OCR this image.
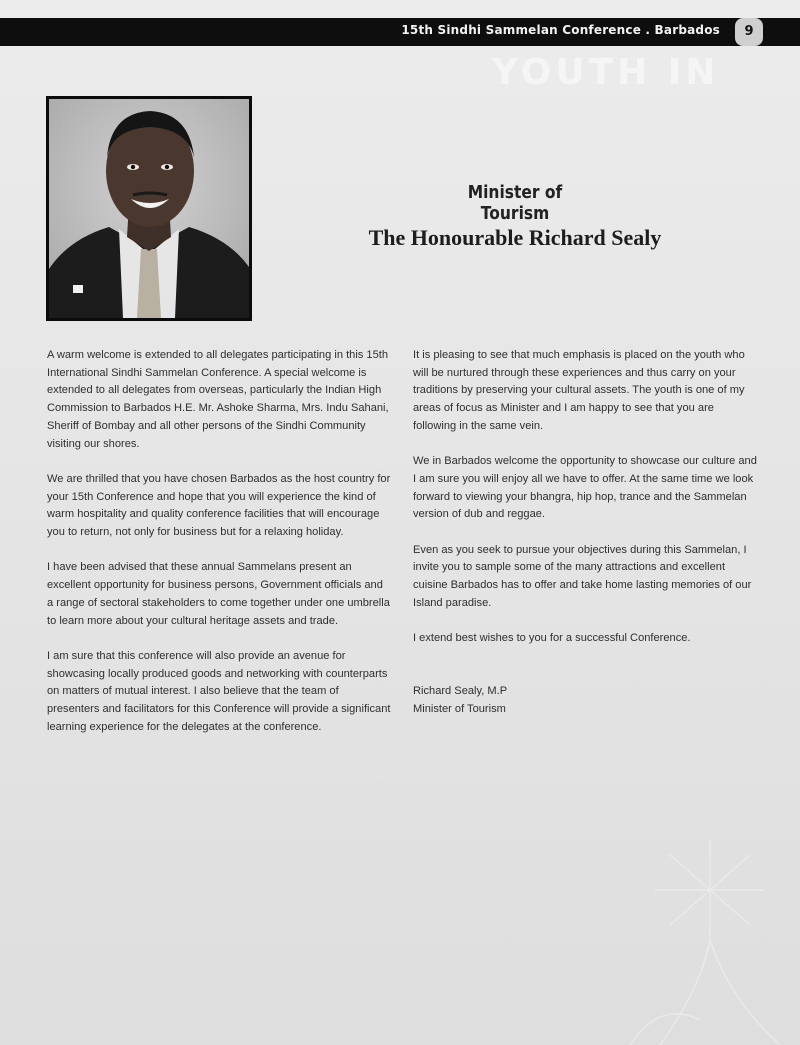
YOUTH IN
15th Sindhi Sammelan Conference . Barbados	9
Minister of Tourism
The Honourable Richard Sealy

A warm welcome is extended to all delegates participating in this 15th International Sindhi Sammelan Conference. A special welcome is extended to all delegates from overseas, particularly the Indian High Commission to Barbados H.E. Mr. Ashoke Sharma, Mrs. Indu Sahani, Sheriff of Bombay and all other persons of the Sindhi Community visiting our shores.

We are thrilled that you have chosen Barbados as the host country for your 15th Conference and hope that you will experience the kind of warm hospitality and quality conference facilities that will encourage you to return, not only for business but for a relaxing holiday.

I have been advised that these annual Sammelans present an excellent opportunity for business persons, Government officials and a range of sectoral stakeholders to come together under one umbrella to learn more about your cultural heritage assets and trade.

I am sure that this conference will also provide an avenue for showcasing locally produced goods and networking with counterparts on matters of mutual interest. I also believe that the team of presenters and facilitators for this Conference will provide a significant learning experience for the delegates at the conference.

It is pleasing to see that much emphasis is placed on the youth who will be nurtured through these experiences and thus carry on your traditions by preserving your cultural assets. The youth is one of my areas of focus as Minister and I am happy to see that you are following in the same vein.

We in Barbados welcome the opportunity to showcase our culture and I am sure you will enjoy all we have to offer. At the same time we look forward to viewing your bhangra, hip hop, trance and the Sammelan version of dub and reggae.

Even as you seek to pursue your objectives during this Sammelan, I invite you to sample some of the many attractions and excellent cuisine Barbados has to offer and take home lasting memories of our Island paradise.

I extend best wishes to you for a successful Conference.

Richard Sealy, M.P
Minister of Tourism
